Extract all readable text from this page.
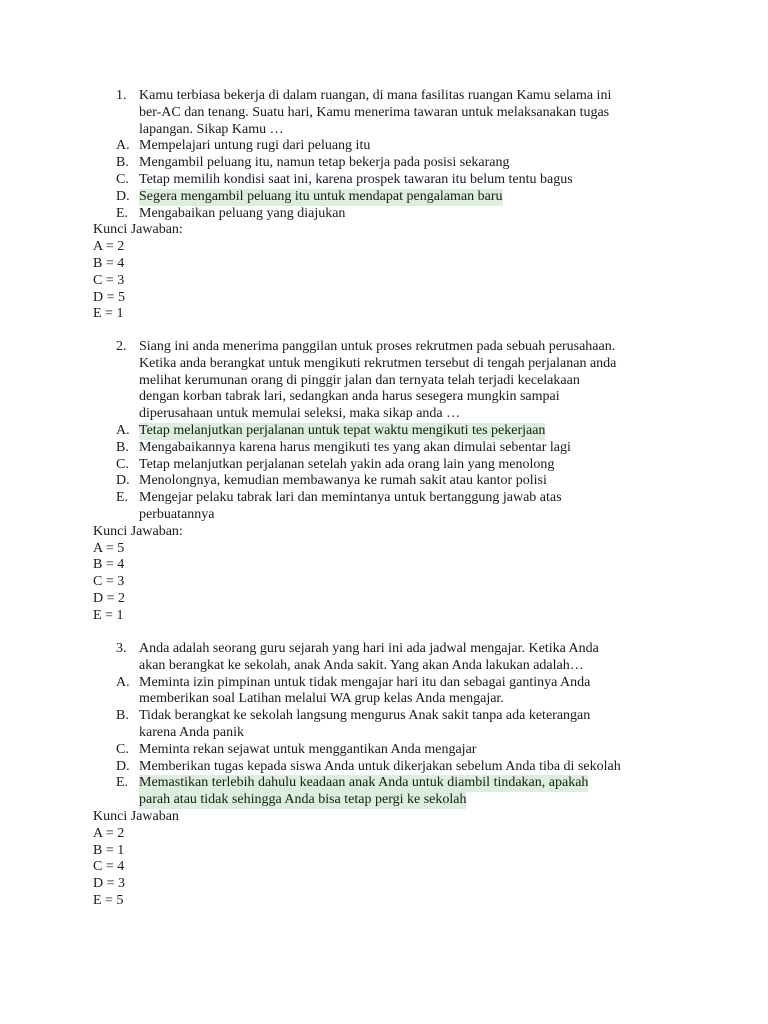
1. Kamu terbiasa bekerja di dalam ruangan, di mana fasilitas ruangan Kamu selama ini
ber-AC dan tenang. Suatu hari, Kamu menerima tawaran untuk melaksanakan tugas
lapangan. Sikap Kamu …
A. Mempelajari untung rugi dari peluang itu
B. Mengambil peluang itu, namun tetap bekerja pada posisi sekarang
C. Tetap memilih kondisi saat ini, karena prospek tawaran itu belum tentu bagus
D. Segera mengambil peluang itu untuk mendapat pengalaman baru
E. Mengabaikan peluang yang diajukan
Kunci Jawaban:
A = 2
B = 4
C = 3
D = 5
E = 1
2. Siang ini anda menerima panggilan untuk proses rekrutmen pada sebuah perusahaan.
Ketika anda berangkat untuk mengikuti rekrutmen tersebut di tengah perjalanan anda
melihat kerumunan orang di pinggir jalan dan ternyata telah terjadi kecelakaan
dengan korban tabrak lari, sedangkan anda harus sesegera mungkin sampai
diperusahaan untuk memulai seleksi, maka sikap anda …
A. Tetap melanjutkan perjalanan untuk tepat waktu mengikuti tes pekerjaan
B. Mengabaikannya karena harus mengikuti tes yang akan dimulai sebentar lagi
C. Tetap melanjutkan perjalanan setelah yakin ada orang lain yang menolong
D. Menolongnya, kemudian membawanya ke rumah sakit atau kantor polisi
E. Mengejar pelaku tabrak lari dan memintanya untuk bertanggung jawab atas
perbuatannya
Kunci Jawaban:
A = 5
B = 4
C = 3
D = 2
E = 1
3. Anda adalah seorang guru sejarah yang hari ini ada jadwal mengajar. Ketika Anda
akan berangkat ke sekolah, anak Anda sakit. Yang akan Anda lakukan adalah…
A. Meminta izin pimpinan untuk tidak mengajar hari itu dan sebagai gantinya Anda
memberikan soal Latihan melalui WA grup kelas Anda mengajar.
B. Tidak berangkat ke sekolah langsung mengurus Anak sakit tanpa ada keterangan
karena Anda panik
C. Meminta rekan sejawat untuk menggantikan Anda mengajar
D. Memberikan tugas kepada siswa Anda untuk dikerjakan sebelum Anda tiba di sekolah
E. Memastikan terlebih dahulu keadaan anak Anda untuk diambil tindakan, apakah
parah atau tidak sehingga Anda bisa tetap pergi ke sekolah
Kunci Jawaban
A = 2
B = 1
C = 4
D = 3
E = 5
